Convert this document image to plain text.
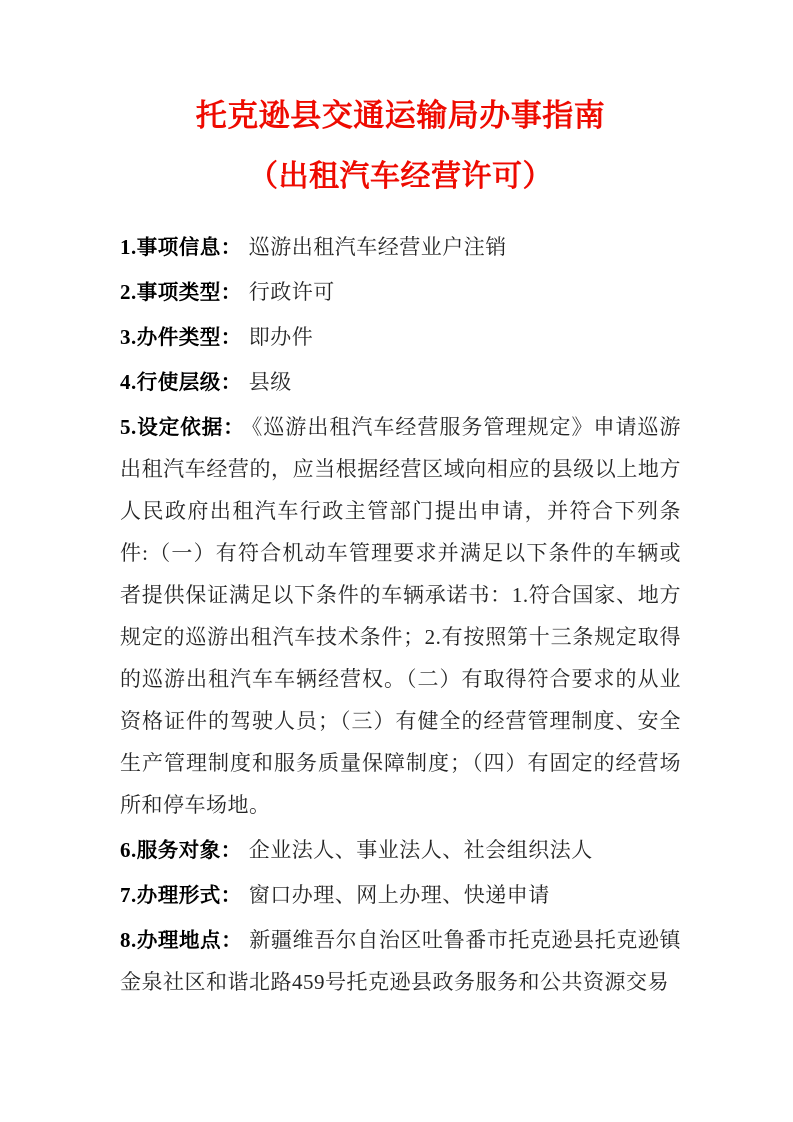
托克逊县交通运输局办事指南
（出租汽车经营许可）

1.事项信息： 巡游出租汽车经营业户注销

2.事项类型： 行政许可

3.办件类型： 即办件

4.行使层级： 县级

5.设定依据： 《巡游出租汽车经营服务管理规定》申请巡游出租汽车经营的，应当根据经营区域向相应的县级以上地方人民政府出租汽车行政主管部门提出申请，并符合下列条件:（一）有符合机动车管理要求并满足以下条件的车辆或者提供保证满足以下条件的车辆承诺书：1.符合国家、地方规定的巡游出租汽车技术条件；2.有按照第十三条规定取得的巡游出租汽车车辆经营权。（二）有取得符合要求的从业资格证件的驾驶人员；（三）有健全的经营管理制度、安全生产管理制度和服务质量保障制度；（四）有固定的经营场所和停车场地。

6.服务对象： 企业法人、事业法人、社会组织法人

7.办理形式： 窗口办理、网上办理、快递申请

8.办理地点： 新疆维吾尔自治区吐鲁番市托克逊县托克逊镇金泉社区和谐北路459号托克逊县政务服务和公共资源交易
